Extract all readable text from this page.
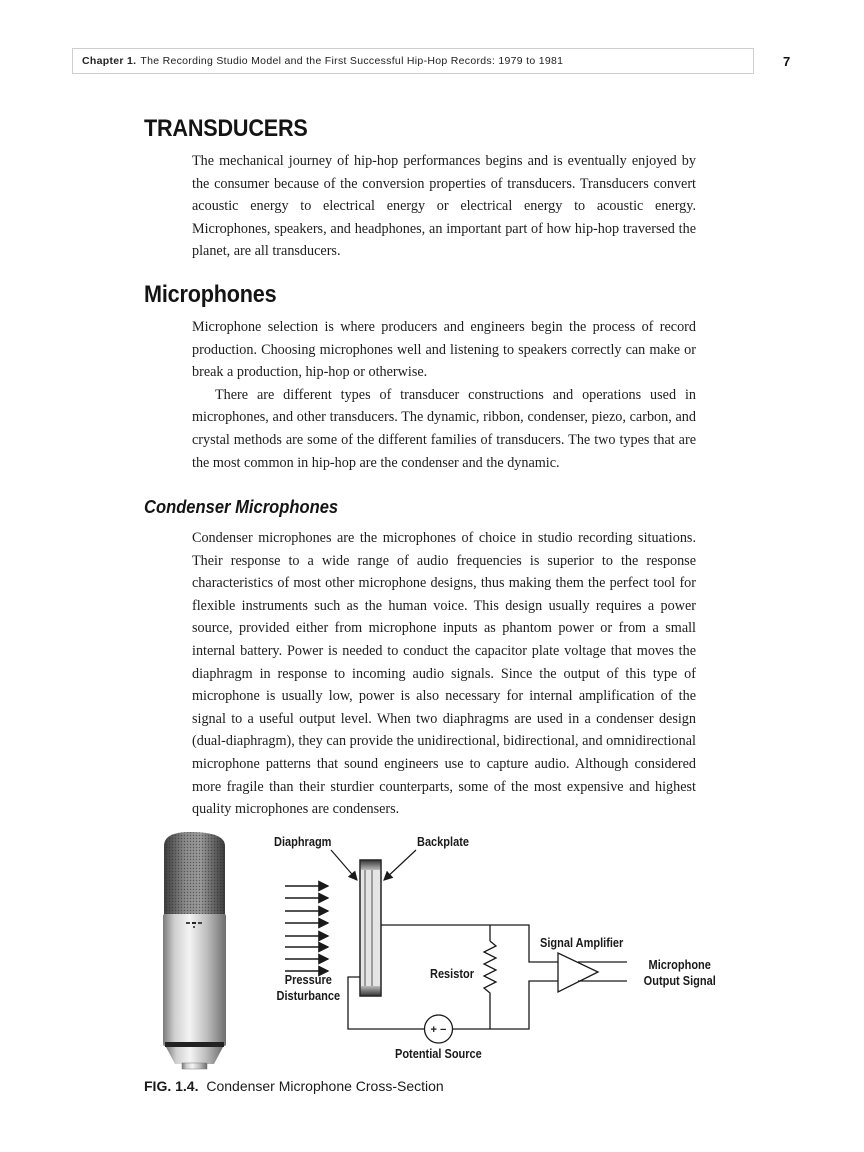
Chapter 1. The Recording Studio Model and the First Successful Hip-Hop Records: 1979 to 1981	7
TRANSDUCERS

The mechanical journey of hip-hop performances begins and is eventually enjoyed by the consumer because of the conversion properties of transducers. Transducers convert acoustic energy to electrical energy or electrical energy to acoustic energy. Microphones, speakers, and headphones, an important part of how hip-hop traversed the planet, are all transducers.

Microphones

Microphone selection is where producers and engineers begin the process of record production. Choosing microphones well and listening to speakers correctly can make or break a production, hip-hop or otherwise.

There are different types of transducer constructions and operations used in microphones, and other transducers. The dynamic, ribbon, condenser, piezo, carbon, and crystal methods are some of the different families of transducers. The two types that are the most common in hip-hop are the condenser and the dynamic.

Condenser Microphones

Condenser microphones are the microphones of choice in studio recording situations. Their response to a wide range of audio frequencies is superior to the response characteristics of most other microphone designs, thus making them the perfect tool for flexible instruments such as the human voice. This design usually requires a power source, provided either from microphone inputs as phantom power or from a small internal battery. Power is needed to conduct the capacitor plate voltage that moves the diaphragm in response to incoming audio signals. Since the output of this type of microphone is usually low, power is also necessary for internal amplification of the signal to a useful output level. When two diaphragms are used in a condenser design (dual-diaphragm), they can provide the unidirectional, bidirectional, and omnidirectional microphone patterns that sound engineers use to capture audio. Although considered more fragile than their sturdier counterparts, some of the most expensive and highest quality microphones are condensers.

+ −
Diaphragm	Backplate
Pressure
Disturbance
Resistor
Signal Amplifier
Microphone
Output Signal
Potential Source
FIG. 1.4. Condenser Microphone Cross-Section
